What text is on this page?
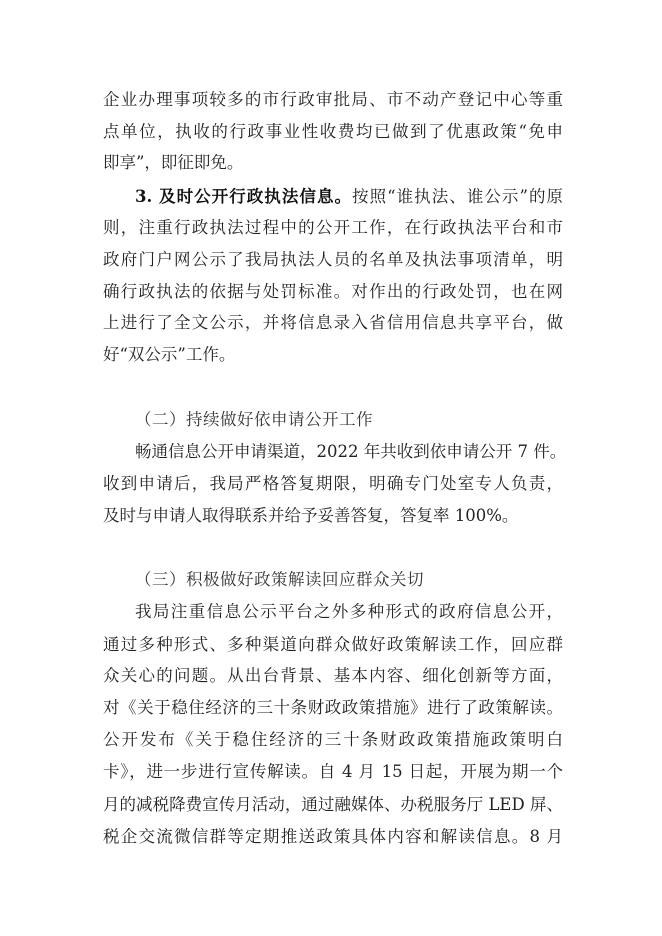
企业办理事项较多的市行政审批局、市不动产登记中心等重
点单位，执收的行政事业性收费均已做到了优惠政策“免申
即享”，即征即免。
3. 及时公开行政执法信息。按照“谁执法、谁公示”的原
则，注重行政执法过程中的公开工作，在行政执法平台和市
政府门户网公示了我局执法人员的名单及执法事项清单，明
确行政执法的依据与处罚标准。对作出的行政处罚，也在网
上进行了全文公示，并将信息录入省信用信息共享平台，做
好“双公示”工作。
（二）持续做好依申请公开工作
畅通信息公开申请渠道，2022 年共收到依申请公开 7 件。
收到申请后，我局严格答复期限，明确专门处室专人负责，
及时与申请人取得联系并给予妥善答复，答复率 100%。
（三）积极做好政策解读回应群众关切
我局注重信息公示平台之外多种形式的政府信息公开，
通过多种形式、多种渠道向群众做好政策解读工作，回应群
众关心的问题。从出台背景、基本内容、细化创新等方面，
对《关于稳住经济的三十条财政政策措施》进行了政策解读。
公开发布《关于稳住经济的三十条财政政策措施政策明白
卡》，进一步进行宣传解读。自 4 月 15 日起，开展为期一个
月的减税降费宣传月活动，通过融媒体、办税服务厅 LED 屏、
税企交流微信群等定期推送政策具体内容和解读信息。8 月
